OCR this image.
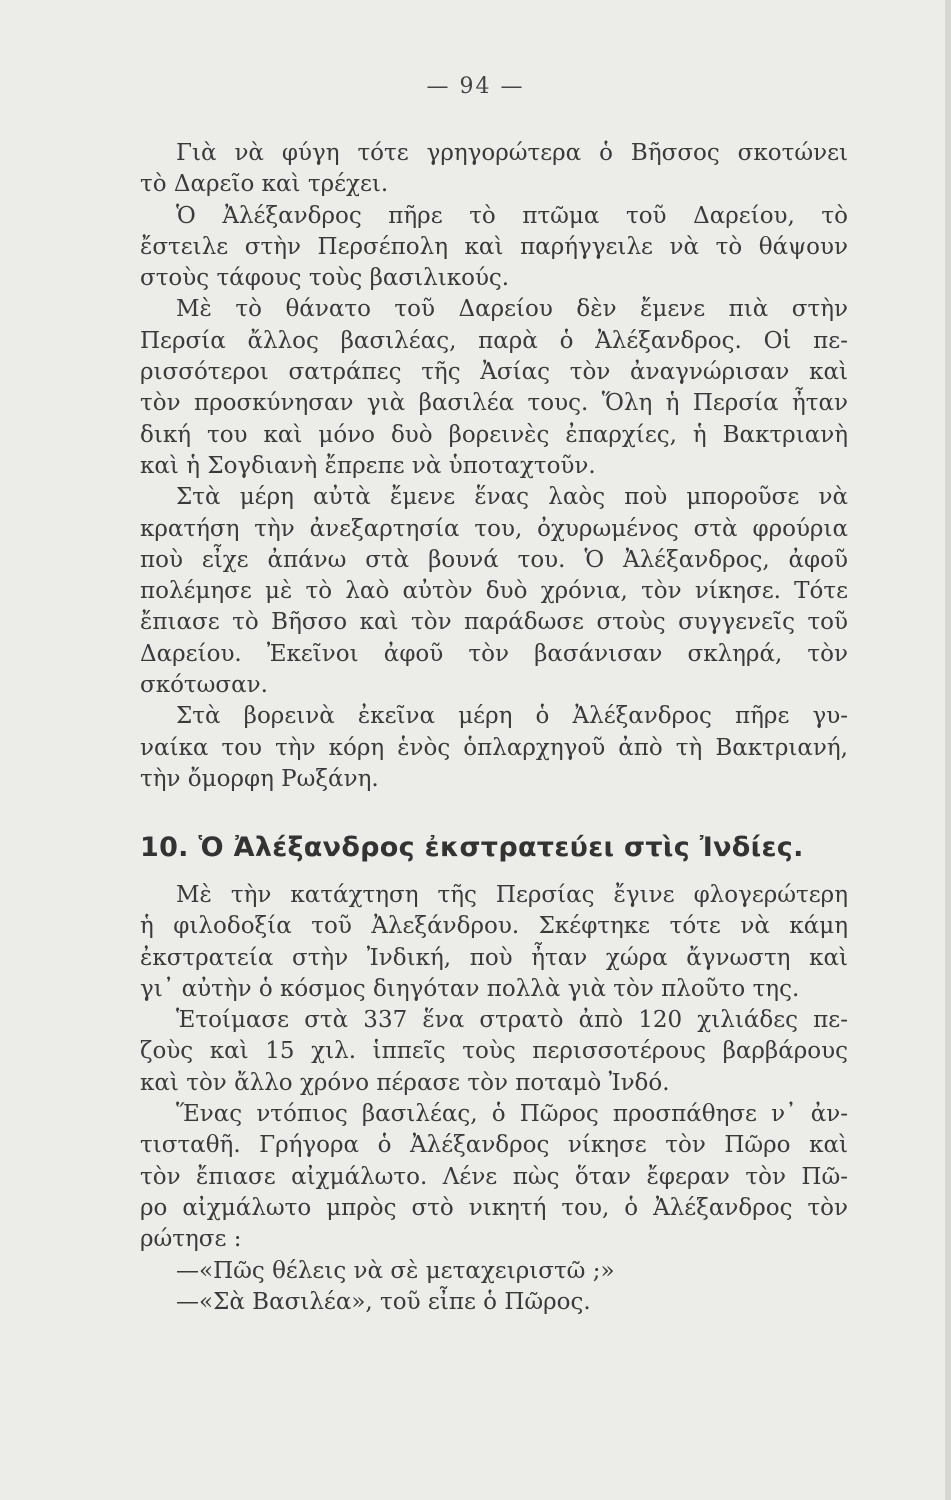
— 94 —
Γιὰ νὰ φύγη τότε γρηγορώτερα ὁ Βῆσσος σκοτώνει
τὸ Δαρεῖο καὶ τρέχει.
Ὁ Ἀλέξανδρος πῆρε τὸ πτῶμα τοῦ Δαρείου, τὸ
ἔστειλε στὴν Περσέπολη καὶ παρήγγειλε νὰ τὸ θάψουν
στοὺς τάφους τοὺς βασιλικούς.
Μὲ τὸ θάνατο τοῦ Δαρείου δὲν ἔμενε πιὰ στὴν
Περσία ἄλλος βασιλέας, παρὰ ὁ Ἀλέξανδρος. Οἱ πε-
ρισσότεροι σατράπες τῆς Ἀσίας τὸν ἀναγνώρισαν καὶ
τὸν προσκύνησαν γιὰ βασιλέα τους. Ὅλη ἡ Περσία ἦταν
δική του καὶ μόνο δυὸ βορεινὲς ἐπαρχίες, ἡ Βακτριανὴ
καὶ ἡ Σογδιανὴ ἔπρεπε νὰ ὑποταχτοῦν.
Στὰ μέρη αὐτὰ ἔμενε ἕνας λαὸς ποὺ μποροῦσε νὰ
κρατήση τὴν ἀνεξαρτησία του, ὀχυρωμένος στὰ φρούρια
ποὺ εἶχε ἀπάνω στὰ βουνά του. Ὁ Ἀλέξανδρος, ἀφοῦ
πολέμησε μὲ τὸ λαὸ αὐτὸν δυὸ χρόνια, τὸν νίκησε. Τότε
ἔπιασε τὸ Βῆσσο καὶ τὸν παράδωσε στοὺς συγγενεῖς τοῦ
Δαρείου. Ἐκεῖνοι ἀφοῦ τὸν βασάνισαν σκληρά, τὸν
σκότωσαν.
Στὰ βορεινὰ ἐκεῖνα μέρη ὁ Ἀλέξανδρος πῆρε γυ-
ναίκα του τὴν κόρη ἑνὸς ὁπλαρχηγοῦ ἀπὸ τὴ Βακτριανή,
τὴν ὄμορφη Ρωξάνη.
10. Ὁ Ἀλέξανδρος ἐκστρατεύει στὶς Ἰνδίες.
Μὲ τὴν κατάχτηση τῆς Περσίας ἔγινε φλογερώτερη
ἡ φιλοδοξία τοῦ Ἀλεξάνδρου. Σκέφτηκε τότε νὰ κάμη
ἐκστρατεία στὴν Ἰνδική, ποὺ ἦταν χώρα ἄγνωστη καὶ
γι᾽ αὐτὴν ὁ κόσμος διηγόταν πολλὰ γιὰ τὸν πλοῦτο της.
Ἑτοίμασε στὰ 337 ἕνα στρατὸ ἀπὸ 120 χιλιάδες πε-
ζοὺς καὶ 15 χιλ. ἱππεῖς τοὺς περισσοτέρους βαρβάρους
καὶ τὸν ἄλλο χρόνο πέρασε τὸν ποταμὸ Ἰνδό.
Ἕνας ντόπιος βασιλέας, ὁ Πῶρος προσπάθησε ν᾽ ἀν-
τισταθῆ. Γρήγορα ὁ Ἀλέξανδρος νίκησε τὸν Πῶρο καὶ
τὸν ἔπιασε αἰχμάλωτο. Λένε πὼς ὅταν ἔφεραν τὸν Πῶ-
ρο αἰχμάλωτο μπρὸς στὸ νικητή του, ὁ Ἀλέξανδρος τὸν
ρώτησε :
—«Πῶς θέλεις νὰ σὲ μεταχειριστῶ ;»
—«Σὰ Βασιλέα», τοῦ εἶπε ὁ Πῶρος.
